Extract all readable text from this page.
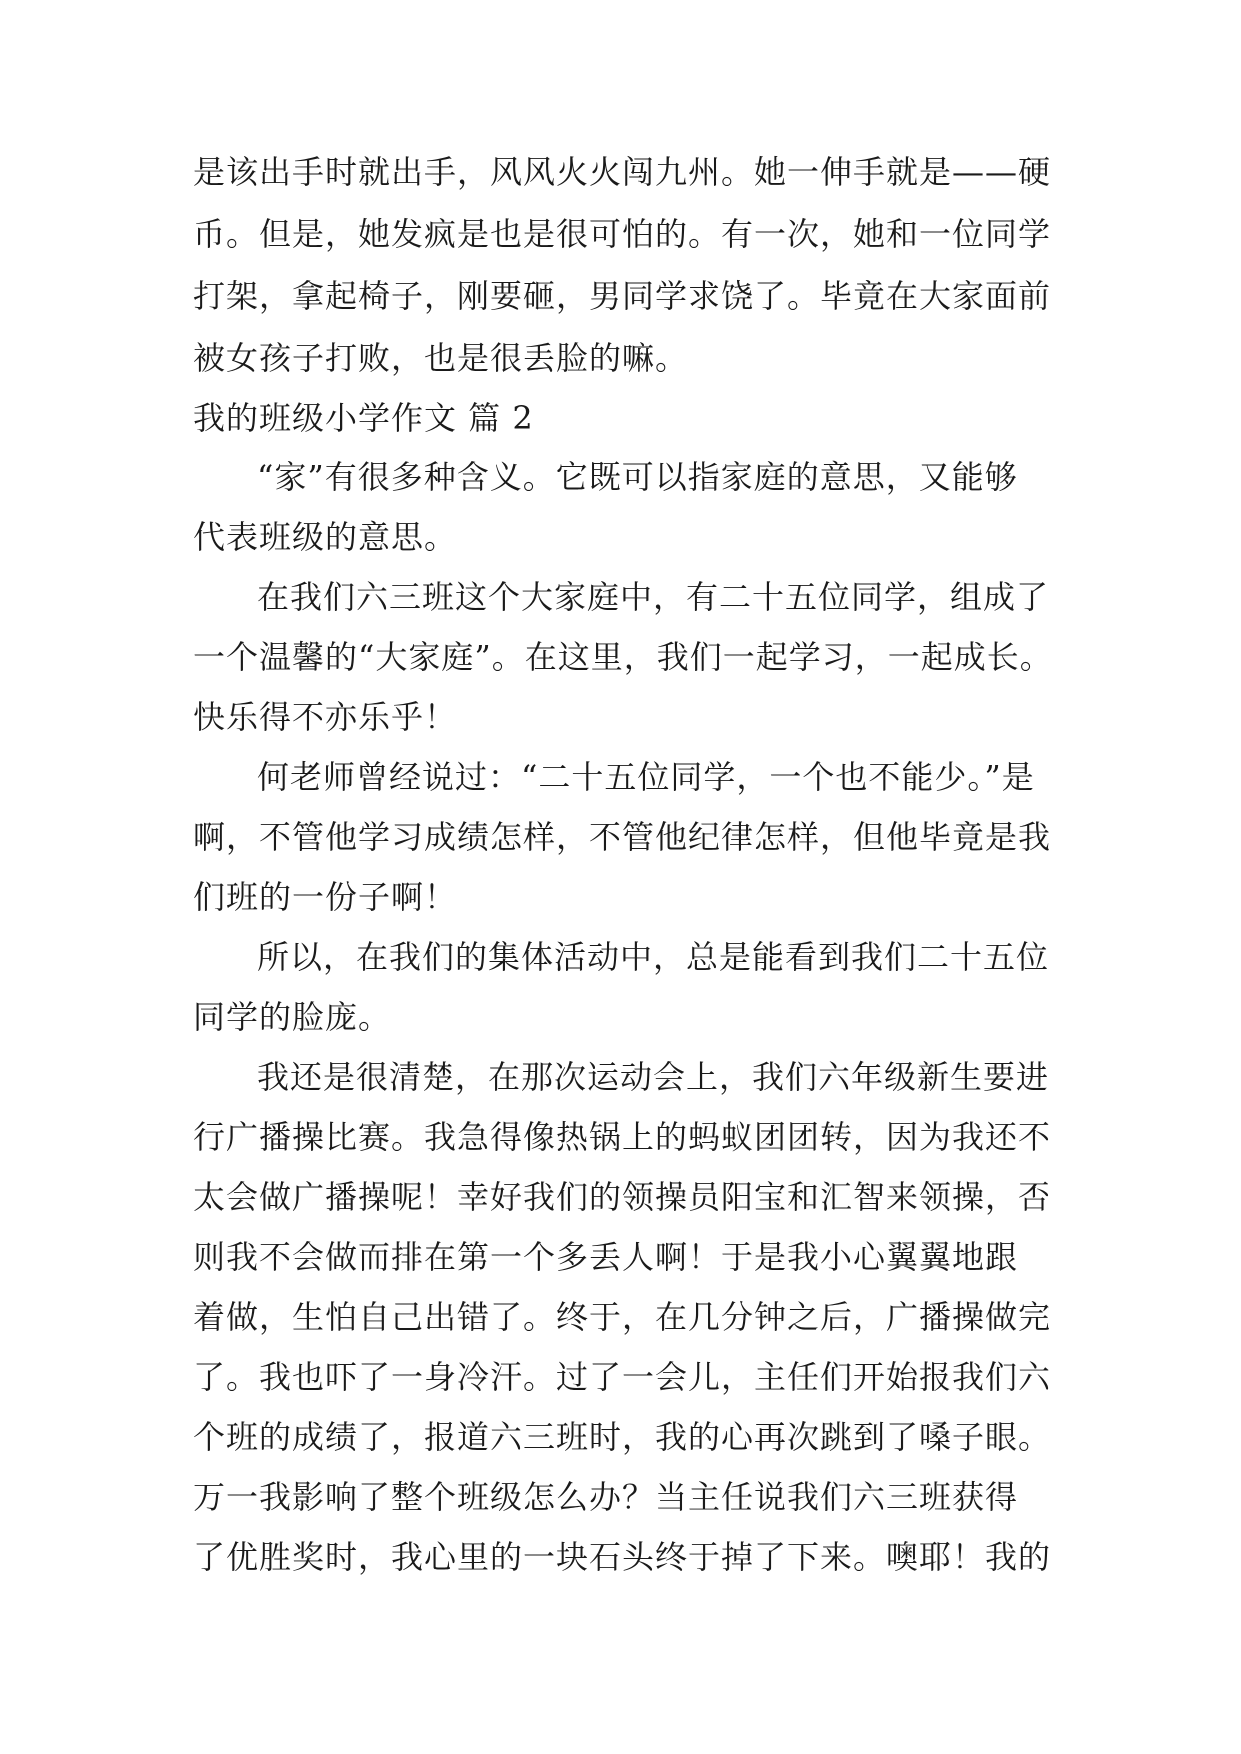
是该出手时就出手，风风火火闯九州。她一伸手就是——硬
币。但是，她发疯是也是很可怕的。有一次，她和一位同学
打架，拿起椅子，刚要砸，男同学求饶了。毕竟在大家面前
被女孩子打败，也是很丢脸的嘛。
我的班级小学作文 篇 2
“家”有很多种含义。它既可以指家庭的意思，又能够
代表班级的意思。
在我们六三班这个大家庭中，有二十五位同学，组成了
一个温馨的“大家庭”。在这里，我们一起学习，一起成长。
快乐得不亦乐乎！
何老师曾经说过：“二十五位同学，一个也不能少。”是
啊，不管他学习成绩怎样，不管他纪律怎样，但他毕竟是我
们班的一份子啊！
所以，在我们的集体活动中，总是能看到我们二十五位
同学的脸庞。
我还是很清楚，在那次运动会上，我们六年级新生要进
行广播操比赛。我急得像热锅上的蚂蚁团团转，因为我还不
太会做广播操呢！幸好我们的领操员阳宝和汇智来领操，否
则我不会做而排在第一个多丢人啊！于是我小心翼翼地跟
着做，生怕自己出错了。终于，在几分钟之后，广播操做完
了。我也吓了一身冷汗。过了一会儿，主任们开始报我们六
个班的成绩了，报道六三班时，我的心再次跳到了嗓子眼。
万一我影响了整个班级怎么办？当主任说我们六三班获得
了优胜奖时，我心里的一块石头终于掉了下来。噢耶！我的
